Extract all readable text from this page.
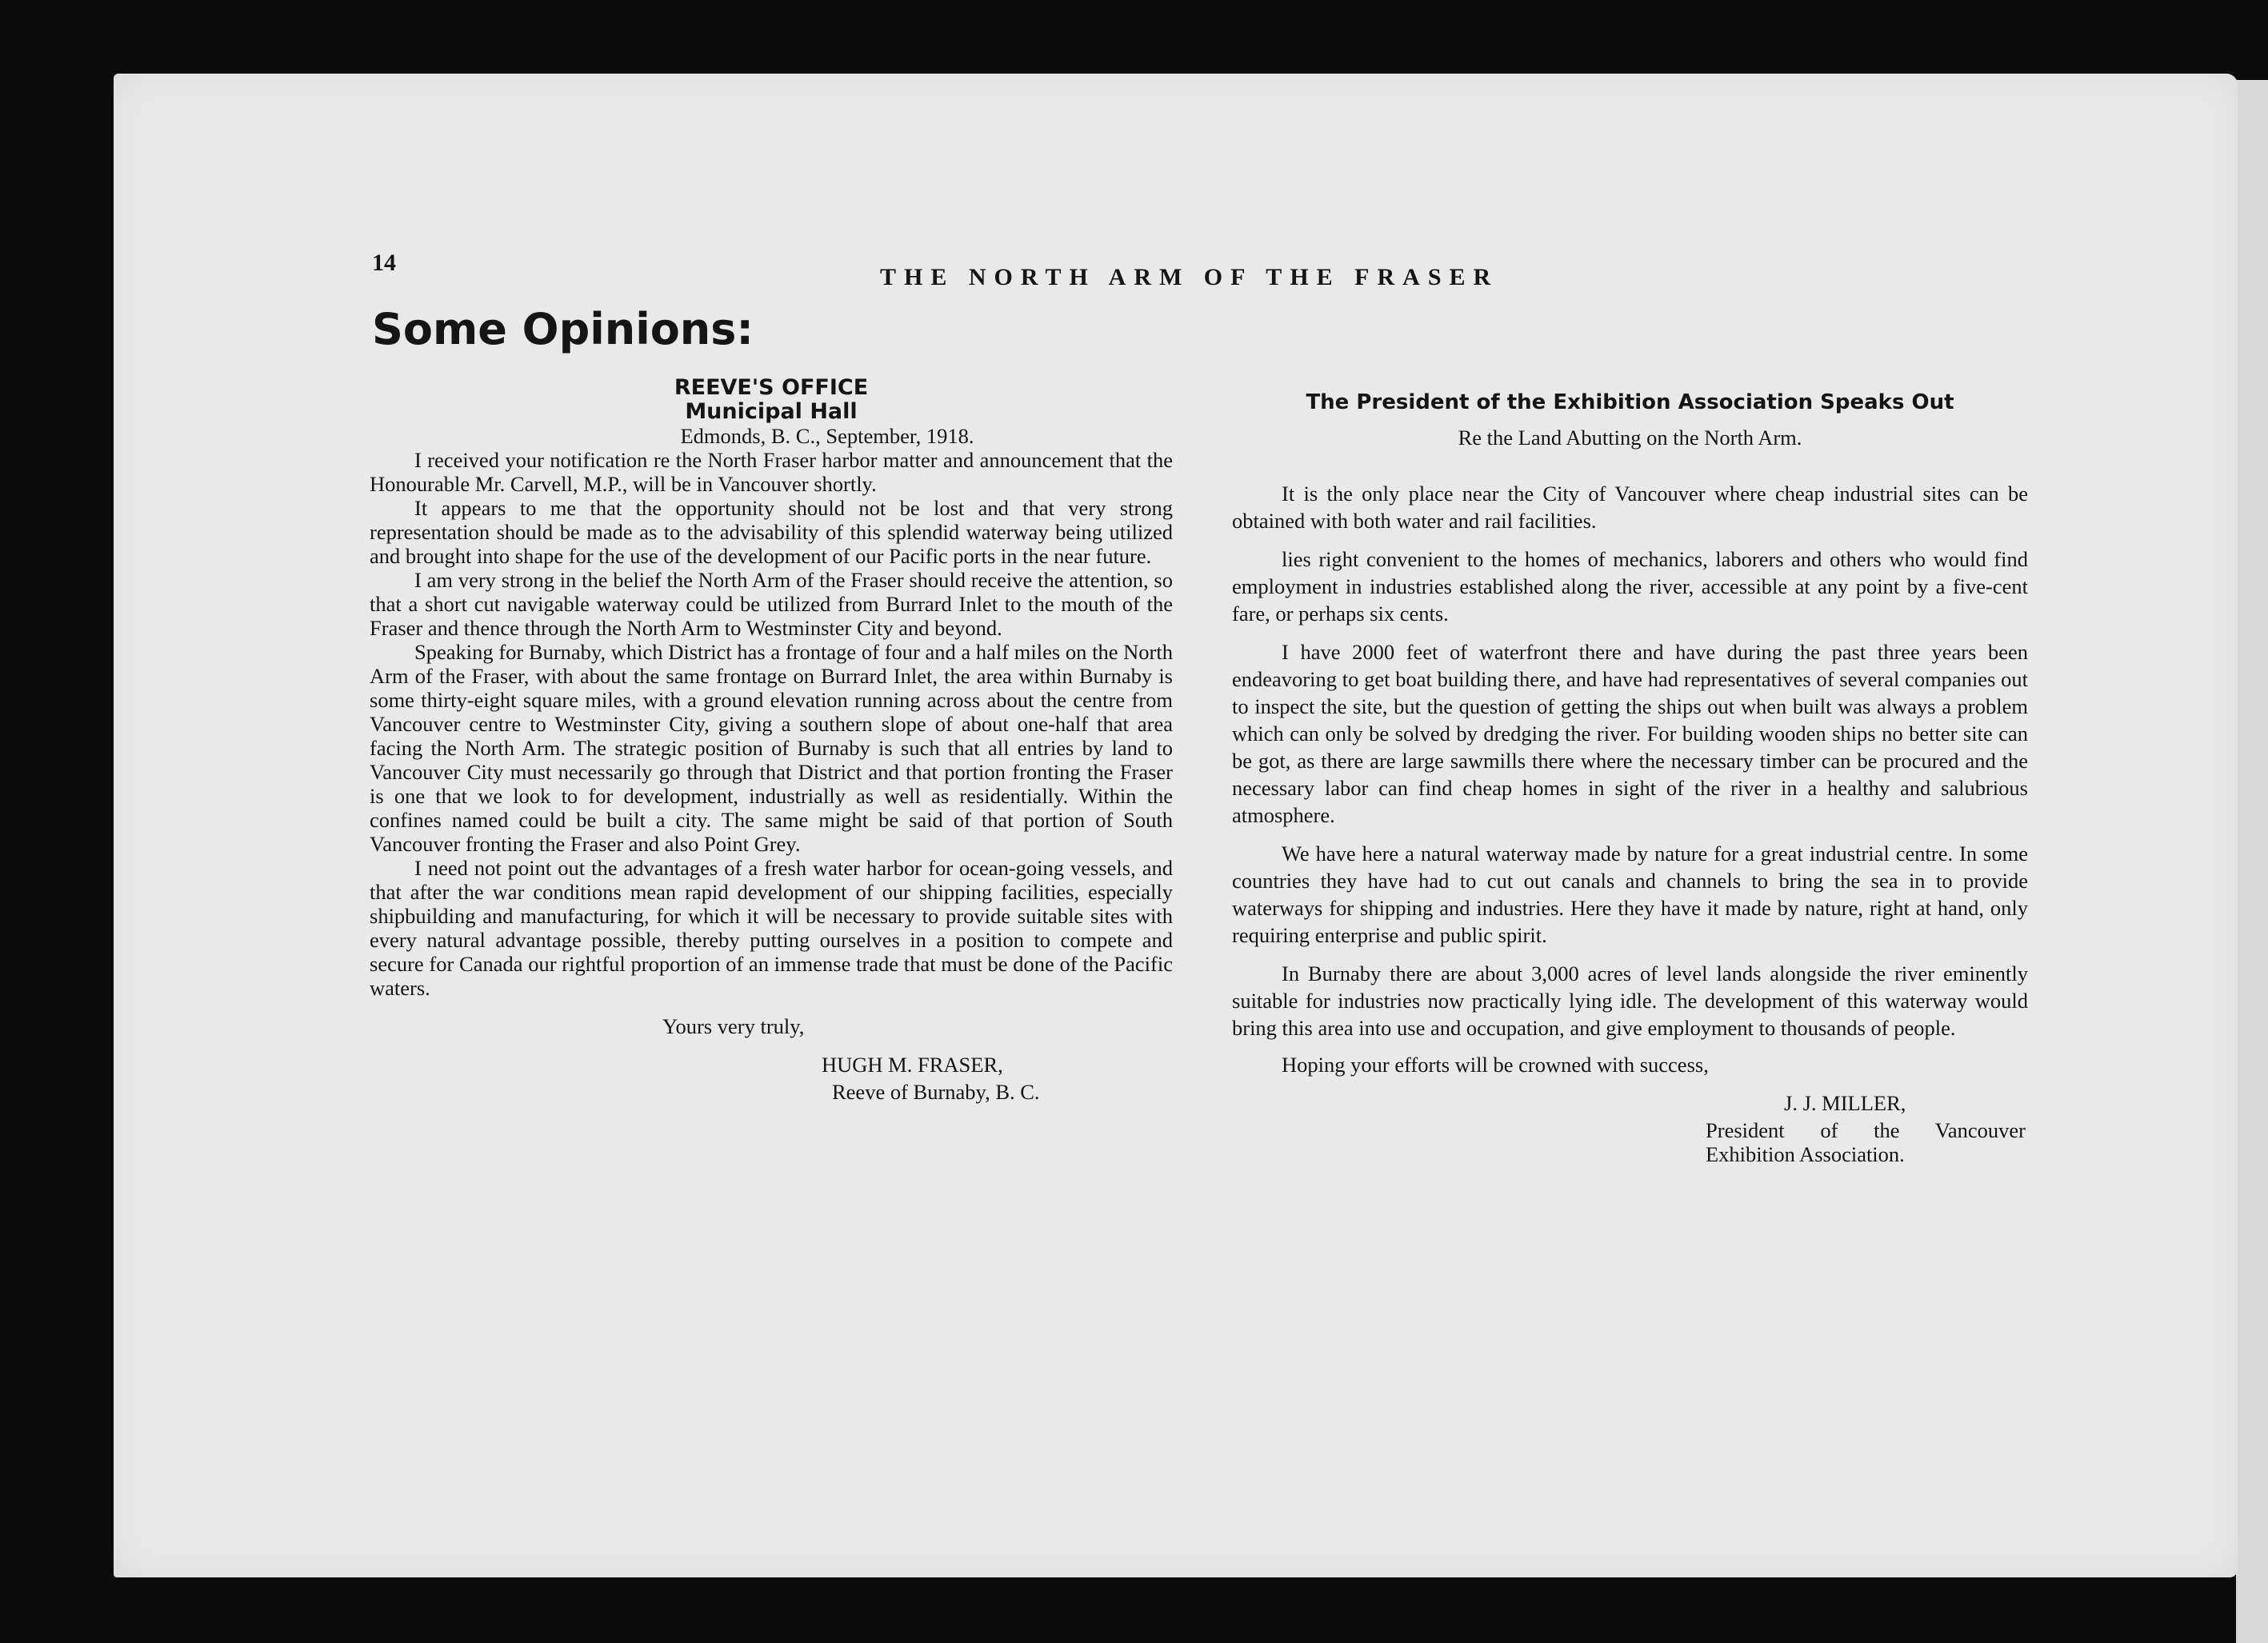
14
THE NORTH ARM OF THE FRASER
Some Opinions:
REEVE'S OFFICE
Municipal Hall
Edmonds, B. C., September, 1918.

I received your notification re the North Fraser harbor matter and announcement that the Honourable Mr. Carvell, M.P., will be in Vancouver shortly.

It appears to me that the opportunity should not be lost and that very strong representation should be made as to the advisability of this splendid waterway being utilized and brought into shape for the use of the development of our Pacific ports in the near future.

I am very strong in the belief the North Arm of the Fraser should receive the attention, so that a short cut navigable waterway could be utilized from Burrard Inlet to the mouth of the Fraser and thence through the North Arm to Westminster City and beyond.

Speaking for Burnaby, which District has a frontage of four and a half miles on the North Arm of the Fraser, with about the same frontage on Burrard Inlet, the area within Burnaby is some thirty-eight square miles, with a ground elevation running across about the centre from Vancouver centre to Westminster City, giving a southern slope of about one-half that area facing the North Arm. The strategic position of Burnaby is such that all entries by land to Vancouver City must necessarily go through that District and that portion fronting the Fraser is one that we look to for development, industrially as well as residentially. Within the confines named could be built a city. The same might be said of that portion of South Vancouver fronting the Fraser and also Point Grey.

I need not point out the advantages of a fresh water harbor for ocean-going vessels, and that after the war conditions mean rapid development of our shipping facilities, especially shipbuilding and manufacturing, for which it will be necessary to provide suitable sites with every natural advantage possible, thereby putting ourselves in a position to compete and secure for Canada our rightful proportion of an immense trade that must be done of the Pacific waters.

Yours very truly,
HUGH M. FRASER,
Reeve of Burnaby, B. C.
The President of the Exhibition Association Speaks Out
Re the Land Abutting on the North Arm.

It is the only place near the City of Vancouver where cheap industrial sites can be obtained with both water and rail facilities.

lies right convenient to the homes of mechanics, laborers and others who would find employment in industries established along the river, accessible at any point by a five-cent fare, or perhaps six cents.

I have 2000 feet of waterfront there and have during the past three years been endeavoring to get boat building there, and have had representatives of several companies out to inspect the site, but the question of getting the ships out when built was always a problem which can only be solved by dredging the river. For building wooden ships no better site can be got, as there are large sawmills there where the necessary timber can be procured and the necessary labor can find cheap homes in sight of the river in a healthy and salubrious atmosphere.

We have here a natural waterway made by nature for a great industrial centre. In some countries they have had to cut out canals and channels to bring the sea in to provide waterways for shipping and industries. Here they have it made by nature, right at hand, only requiring enterprise and public spirit.

In Burnaby there are about 3,000 acres of level lands alongside the river eminently suitable for industries now practically lying idle. The development of this waterway would bring this area into use and occupation, and give employment to thousands of people.

Hoping your efforts will be crowned with success,

J. J. MILLER,
President of the Vancouver Exhibition Association.
